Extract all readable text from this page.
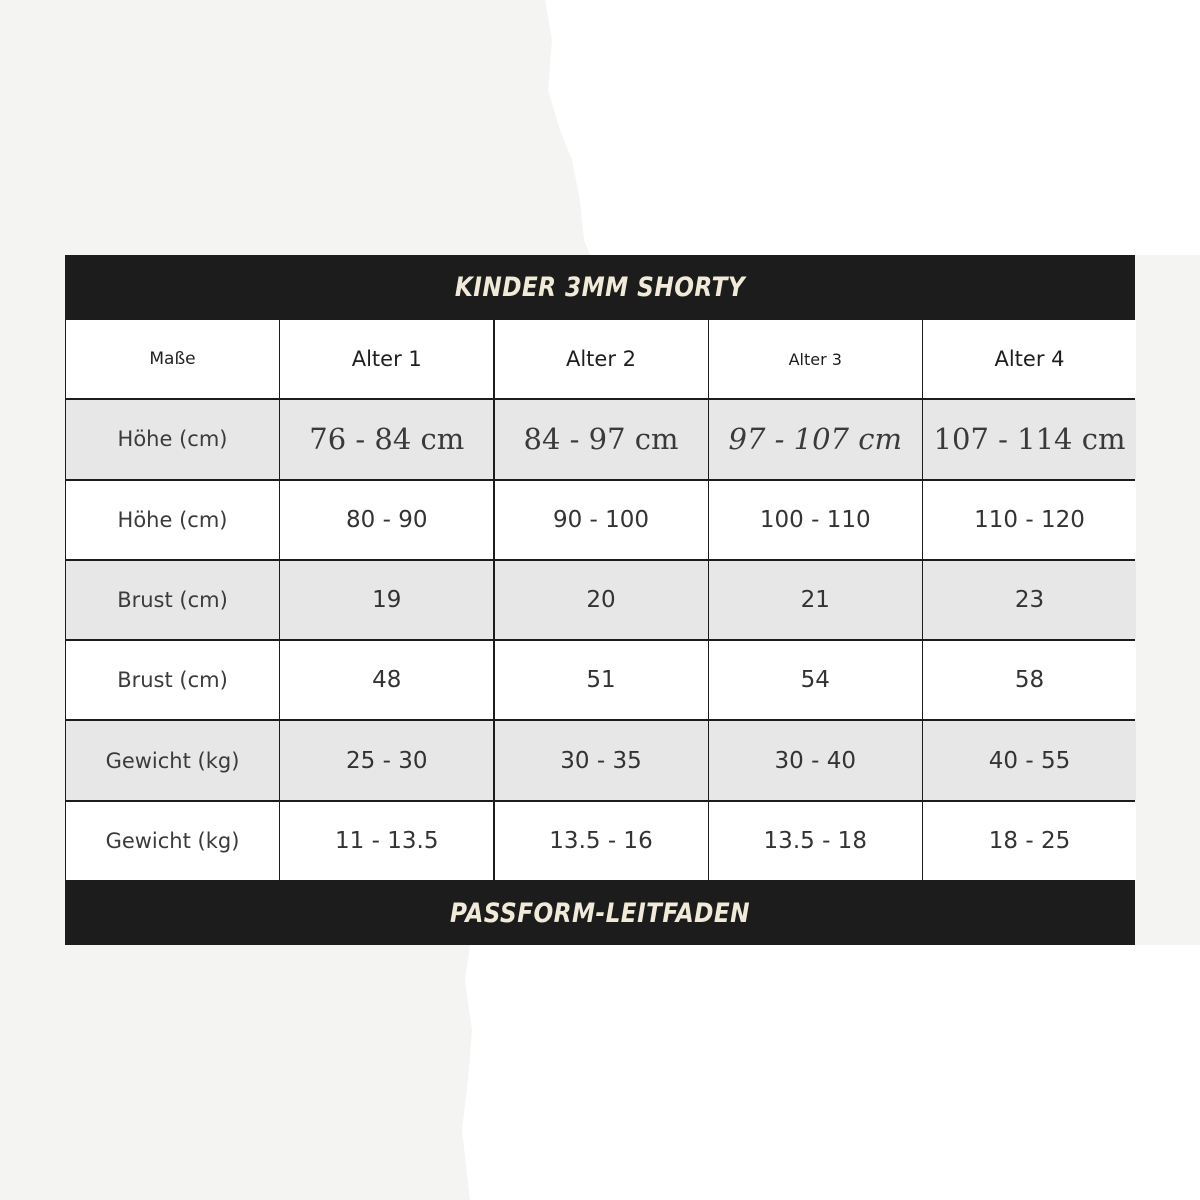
KINDER 3MM SHORTY
Maße	Alter 1	Alter 2	Alter 3	Alter 4
Höhe (cm)	76 - 84 cm	84 - 97 cm	97 - 107 cm	107 - 114 cm
Höhe (cm)	80 - 90	90 - 100	100 - 110	110 - 120
Brust (cm)	19	20	21	23
Brust (cm)	48	51	54	58
Gewicht (kg)	25 - 30	30 - 35	30 - 40	40 - 55
Gewicht (kg)	11 - 13.5	13.5 - 16	13.5 - 18	18 - 25
PASSFORM-LEITFADEN
